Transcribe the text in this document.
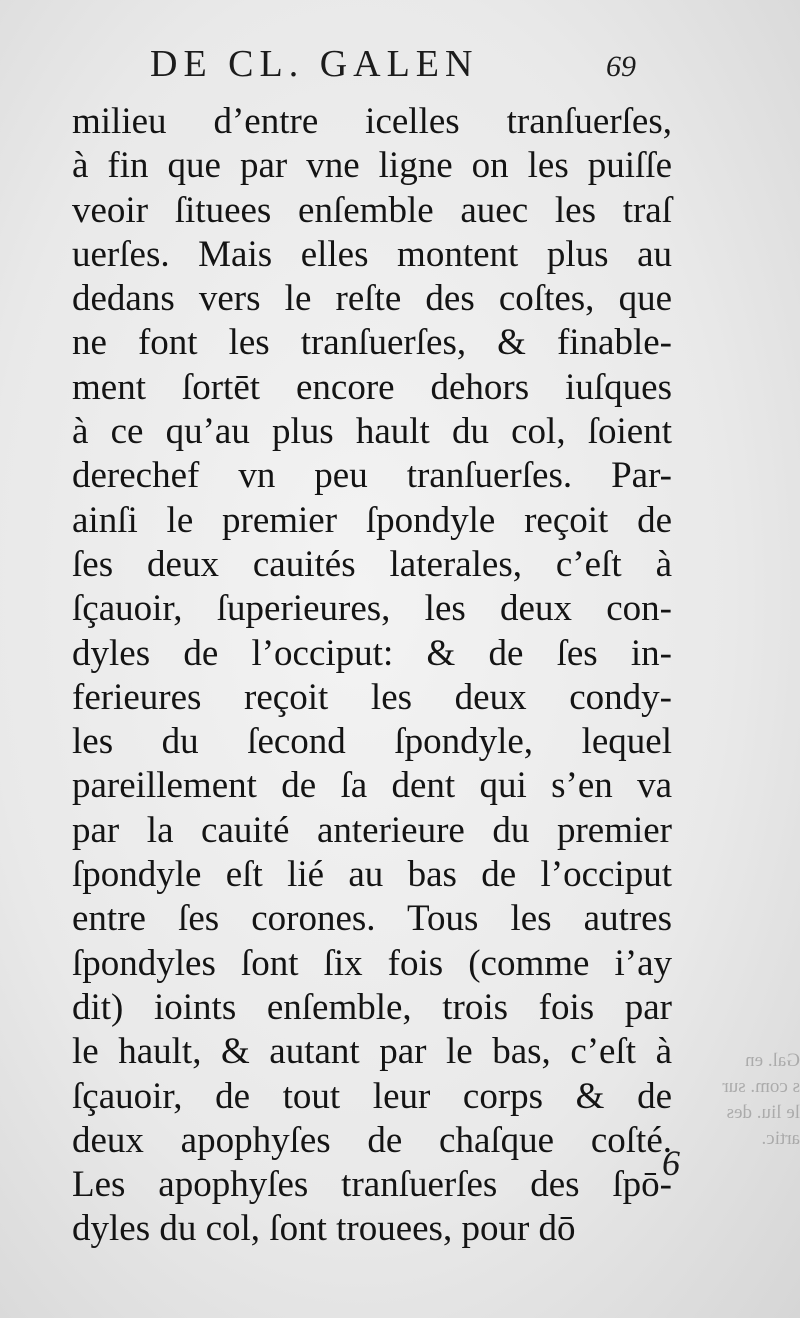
DE CL. GALEN	69
milieu d’entre icelles tranſuerſes,
à fin que par vne ligne on les puiſſe
veoir ſituees enſemble auec les traſ
uerſes. Mais elles montent plus au
dedans vers le reſte des coſtes, que
ne font les tranſuerſes, & finable-
ment ſortēt encore dehors iuſques
à ce qu’au plus hault du col, ſoient
derechef vn peu tranſuerſes. Par-
ainſi le premier ſpondyle reçoit de
ſes deux cauités laterales, c’eſt à
ſçauoir, ſuperieures, les deux con-
dyles de l’occiput: & de ſes in-
ferieures reçoit les deux condy-
les du ſecond ſpondyle, lequel
pareillement de ſa dent qui s’en va
par la cauité anterieure du premier
ſpondyle eſt lié au bas de l’occiput
entre ſes corones. Tous les autres
ſpondyles ſont ſix fois (comme i’ay
dit) ioints enſemble, trois fois par
le hault, & autant par le bas, c’eſt à
ſçauoir, de tout leur corps & de
deux apophyſes de chaſque coſté.
Les apophyſes tranſuerſes des ſpō-
dyles du col, ſont trouees, pour dō
Gal. en
s com. sur
le liu. des
artic.
6
